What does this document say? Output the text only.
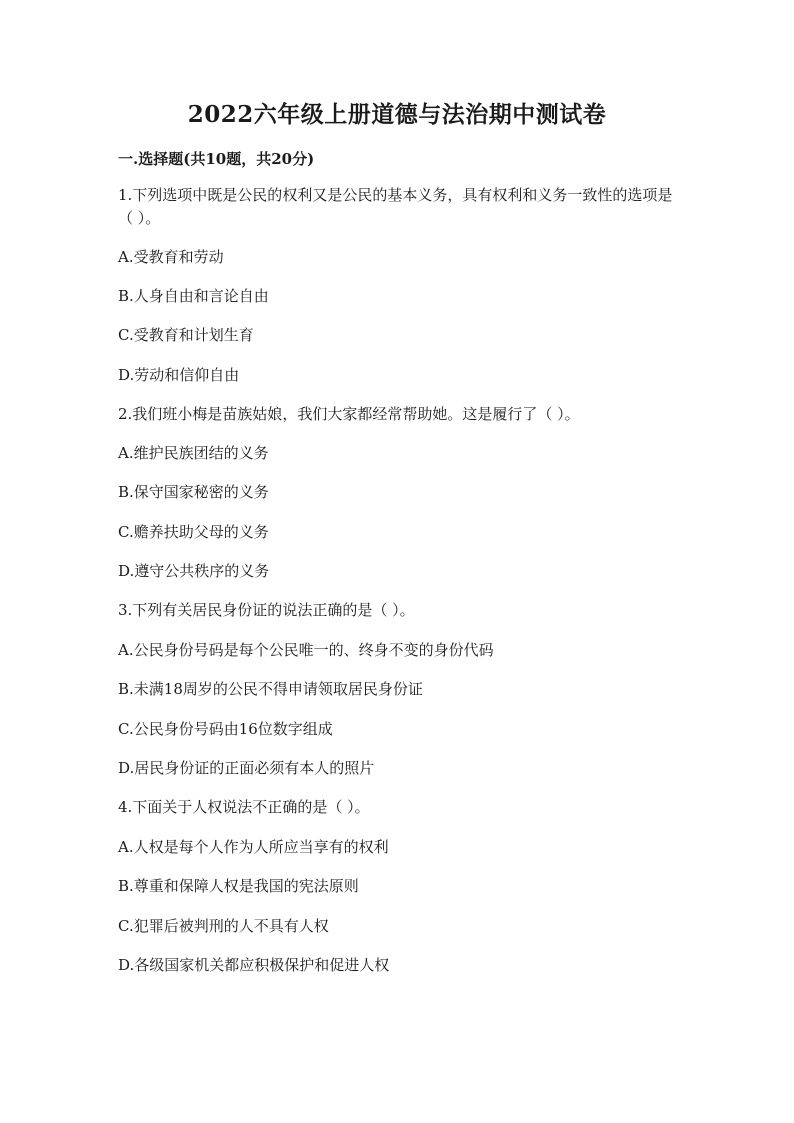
2022六年级上册道德与法治期中测试卷
一.选择题(共10题，共20分)
1.下列选项中既是公民的权利又是公民的基本义务，具有权利和义务一致性的选项是（ ）。
A.受教育和劳动
B.人身自由和言论自由
C.受教育和计划生育
D.劳动和信仰自由
2.我们班小梅是苗族姑娘，我们大家都经常帮助她。这是履行了（ ）。
A.维护民族团结的义务
B.保守国家秘密的义务
C.赡养扶助父母的义务
D.遵守公共秩序的义务
3.下列有关居民身份证的说法正确的是（ ）。
A.公民身份号码是每个公民唯一的、终身不变的身份代码
B.未满18周岁的公民不得申请领取居民身份证
C.公民身份号码由16位数字组成
D.居民身份证的正面必须有本人的照片
4.下面关于人权说法不正确的是（ ）。
A.人权是每个人作为人所应当享有的权利
B.尊重和保障人权是我国的宪法原则
C.犯罪后被判刑的人不具有人权
D.各级国家机关都应积极保护和促进人权
